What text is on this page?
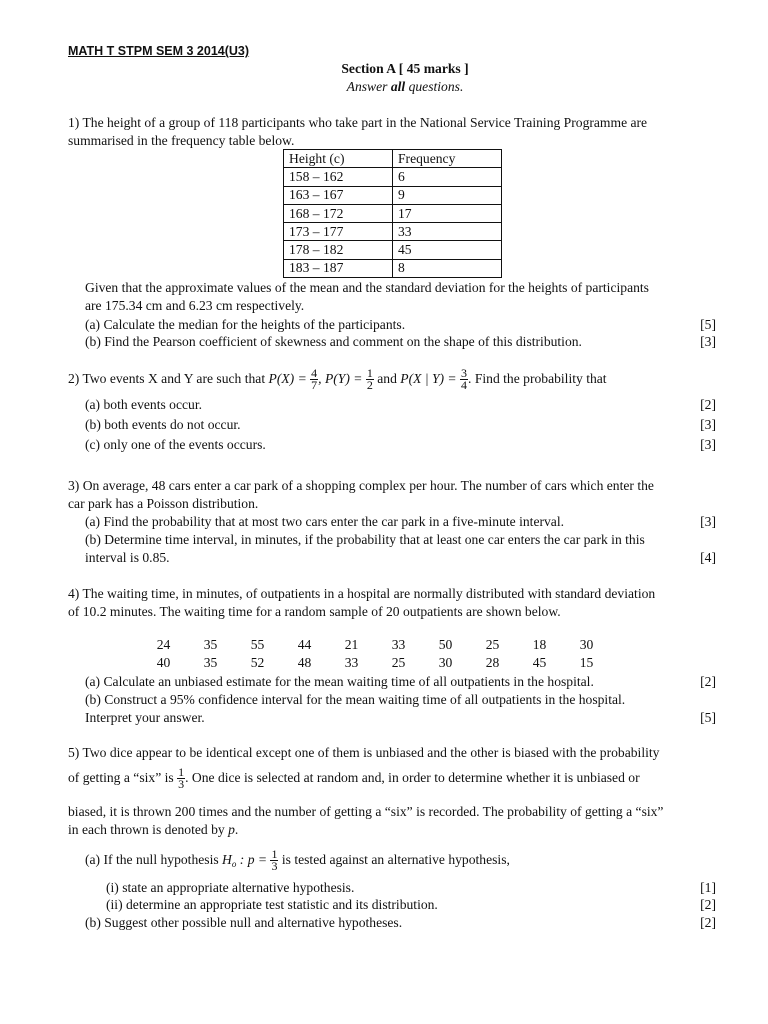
MATH T STPM SEM 3 2014(U3)
Section A [ 45 marks ]
Answer all questions.
1) The height of a group of 118 participants who take part in the National Service Training Programme are
summarised in the frequency table below.
Height (c)	Frequency
158 – 162	6
163 – 167	9
168 – 172	17
173 – 177	33
178 – 182	45
183 – 187	8
Given that the approximate values of the mean and the standard deviation for the heights of participants
are 175.34 cm and 6.23 cm respectively.
(a) Calculate the median for the heights of the participants.	[5]
(b) Find the Pearson coefficient of skewness and comment on the shape of this distribution.	[3]
2) Two events X and Y are such that $P(X) = \frac{4}{7}$ , $P(Y) = \frac{1}{2}$ and P(X | $Y) = \frac{3}{4}$ . Find the probability that
(a) both events occur.	[2]
(b) both events do not occur.	[3]
(c) only one of the events occurs.	[3]
3) On average, 48 cars enter a car park of a shopping complex per hour. The number of cars which enter the
car park has a Poisson distribution.
(a) Find the probability that at most two cars enter the car park in a five-minute interval.	[3]
(b) Determine time interval, in minutes, if the probability that at least one car enters the car park in this
interval is 0.85.	[4]
4) The waiting time, in minutes, of outpatients in a hospital are normally distributed with standard deviation
of 10.2 minutes. The waiting time for a random sample of 20 outpatients are shown below.
24	35	55	44	21	33	50	25	18	30
40	35	52	48	33	25	30	28	45	15
(a) Calculate an unbiased estimate for the mean waiting time of all outpatients in the hospital.	[2]
(b) Construct a 95% confidence interval for the mean waiting time of all outpatients in the hospital.
Interpret your answer.	[5]
5) Two dice appear to be identical except one of them is unbiased and the other is biased with the probability
of getting a “six” is $\frac{1}{3}$ . One dice is selected at random and, in order to determine whether it is unbiased or
biased, it is thrown 200 times and the number of getting a “six” is recorded. The probability of getting a “six”
in each thrown is denoted by p.
(a) If the null hypothesis $H_o$ : $p = \frac{1}{3}$ is tested against an alternative hypothesis,
(i) state an appropriate alternative hypothesis.	[1]
(ii) determine an appropriate test statistic and its distribution.	[2]
(b) Suggest other possible null and alternative hypotheses.	[2]
